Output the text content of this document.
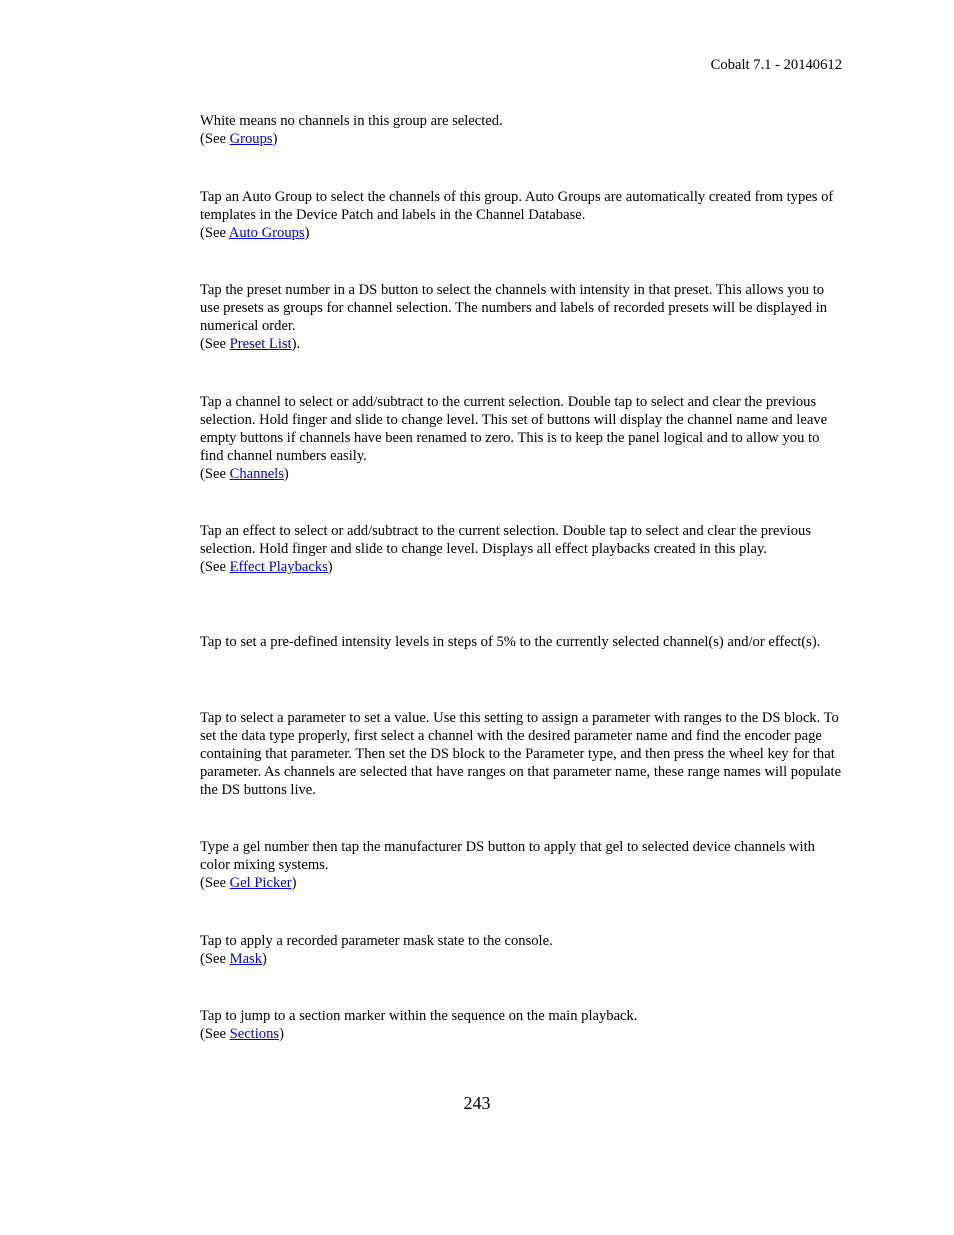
Cobalt 7.1 - 20140612

White means no channels in this group are selected.

(See Groups)

Tap an Auto Group to select the channels of this group. Auto Groups are automatically created from types of templates in the Device Patch and labels in the Channel Database.

(See Auto Groups)

Tap the preset number in a DS button to select the channels with intensity in that preset. This allows you to use presets as groups for channel selection. The numbers and labels of recorded presets will be displayed in numerical order.

(See Preset List).

Tap a channel to select or add/subtract to the current selection. Double tap to select and clear the previous selection. Hold finger and slide to change level. This set of buttons will display the channel name and leave empty buttons if channels have been renamed to zero. This is to keep the panel logical and to allow you to find channel numbers easily.

(See Channels)

Tap an effect to select or add/subtract to the current selection. Double tap to select and clear the previous selection. Hold finger and slide to change level. Displays all effect playbacks created in this play.

(See Effect Playbacks)

Tap to set a pre-defined intensity levels in steps of 5% to the currently selected channel(s) and/or effect(s).

Tap to select a parameter to set a value. Use this setting to assign a parameter with ranges to the DS block. To set the data type properly, first select a channel with the desired parameter name and find the encoder page containing that parameter. Then set the DS block to the Parameter type, and then press the wheel key for that parameter. As channels are selected that have ranges on that parameter name, these range names will populate the DS buttons live.

Type a gel number then tap the manufacturer DS button to apply that gel to selected device channels with color mixing systems.

(See Gel Picker)

Tap to apply a recorded parameter mask state to the console.

(See Mask)

Tap to jump to a section marker within the sequence on the main playback.

(See Sections)

243
